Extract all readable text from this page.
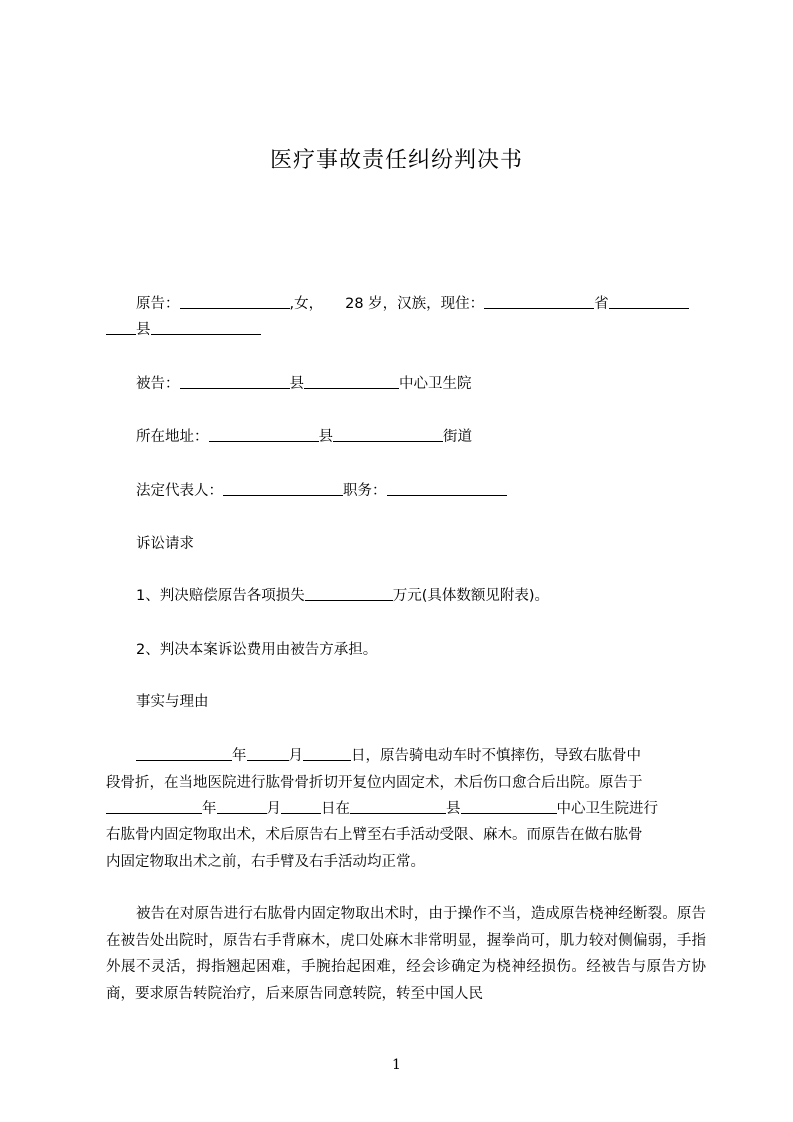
医疗事故责任纠纷判决书
原告：	,女， 28 岁，汉族，现住：	省
县
被告：	县	中心卫生院
所在地址：	县	街道
法定代表人：	职务：
诉讼请求
1、判决赔偿原告各项损失	万元(具体数额见附表)。
2、判决本案诉讼费用由被告方承担。
事实与理由
年	月	日，原告骑电动车时不慎摔伤，导致右肱骨中
段骨折，在当地医院进行肱骨骨折切开复位内固定术，术后伤口愈合后出院。原告于
年	月	日在	县	中心卫生院进行
右肱骨内固定物取出术，术后原告右上臂至右手活动受限、麻木。而原告在做右肱骨
内固定物取出术之前，右手臂及右手活动均正常。
被告在对原告进行右肱骨内固定物取出术时，由于操作不当，造成原告桡神经断裂。原告在被告处出院时，原告右手背麻木，虎口处麻木非常明显，握拳尚可，肌力较对侧偏弱，手指外展不灵活，拇指翘起困难，手腕抬起困难，经会诊确定为桡神经损伤。经被告与原告方协商，要求原告转院治疗，后来原告同意转院，转至中国人民
1
